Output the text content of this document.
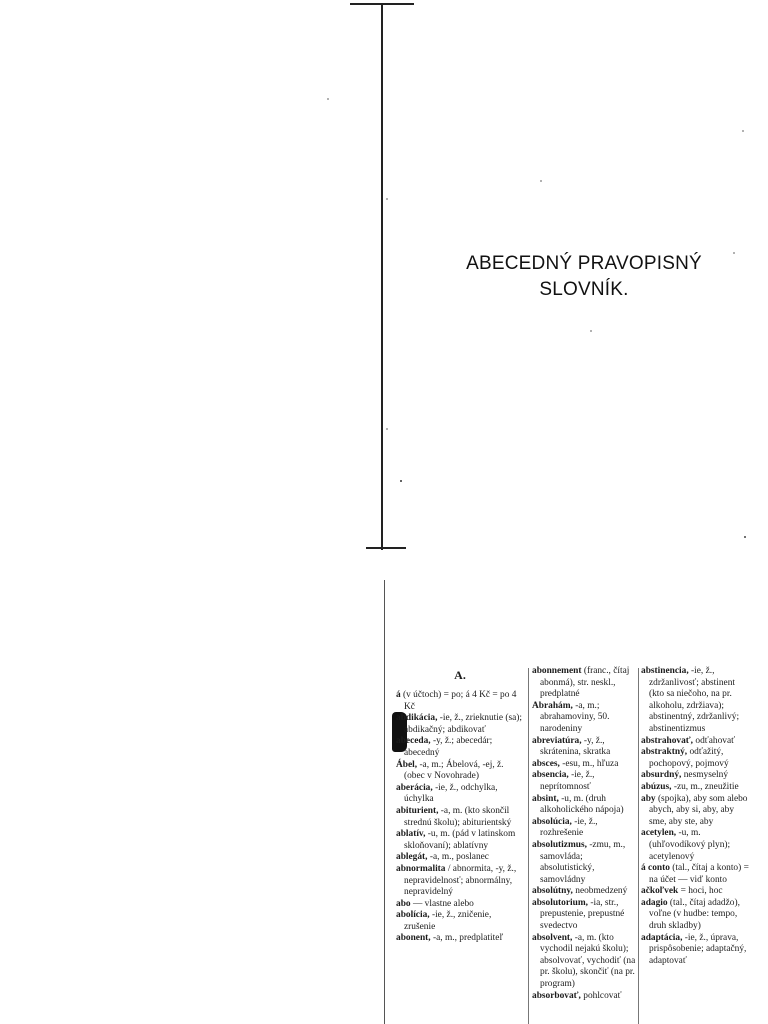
ABECEDNÝ PRAVOPISNÝ
SLOVNÍK.
A.

á (v účtoch) = po; á 4 Kč = po 4 Kč

abdikácia, -ie, ž., zrieknutie (sa); abdikačný; abdikovať

abeceda, -y, ž.; abecedár; abecedný

Ábel, -a, m.; Ábelová, -ej, ž. (obec v Novohrade)

aberácia, -ie, ž., odchylka, úchylka

abiturient, -a, m. (kto skončil strednú školu); abiturientský

ablatív, -u, m. (pád v latinskom skloňovaní); ablatívny

ablegát, -a, m., poslanec

abnormalita / abnormita, -y, ž., nepravidelnosť; abnormálny, nepravidelný

abo — vlastne alebo

abolícia, -ie, ž., zničenie, zrušenie

abonent, -a, m., predplatiteľ

abonnement (franc., čítaj abonmá), str. neskl., predplatné

Abrahám, -a, m.; abrahamoviny, 50. narodeniny

abreviatúra, -y, ž., skrátenina, skratka

absces, -esu, m., hľuza

absencia, -ie, ž., neprítomnosť

absint, -u, m. (druh alkoholického nápoja)

absolúcia, -ie, ž., rozhrešenie

absolutizmus, -zmu, m., samovláda; absolutistický, samovládny

absolútny, neobmedzený

absolutorium, -ia, str., prepustenie, prepustné svedectvo

absolvent, -a, m. (kto vychodil nejakú školu); absolvovať, vychodiť (na pr. školu), skončiť (na pr. program)

absorbovať, pohlcovať

abstinencia, -ie, ž., zdržanlivosť; abstinent (kto sa niečoho, na pr. alkoholu, zdržiava); abstinentný, zdržanlivý; abstinentizmus

abstrahovať, odťahovať

abstraktný, odťažitý, pochopový, pojmový

absurdný, nesmyselný

abúzus, -zu, m., zneužitie

aby (spojka), aby som alebo abych, aby si, aby, aby sme, aby ste, aby

acetylen, -u, m. (uhľovodíkový plyn); acetylenový

á conto (tal., čítaj a konto) = na účet — viď konto

ačkoľvek = hoci, hoc

adagio (tal., čítaj adadžo), voľne (v hudbe: tempo, druh skladby)

adaptácia, -ie, ž., úprava, prispôsobenie; adaptačný, adaptovať
